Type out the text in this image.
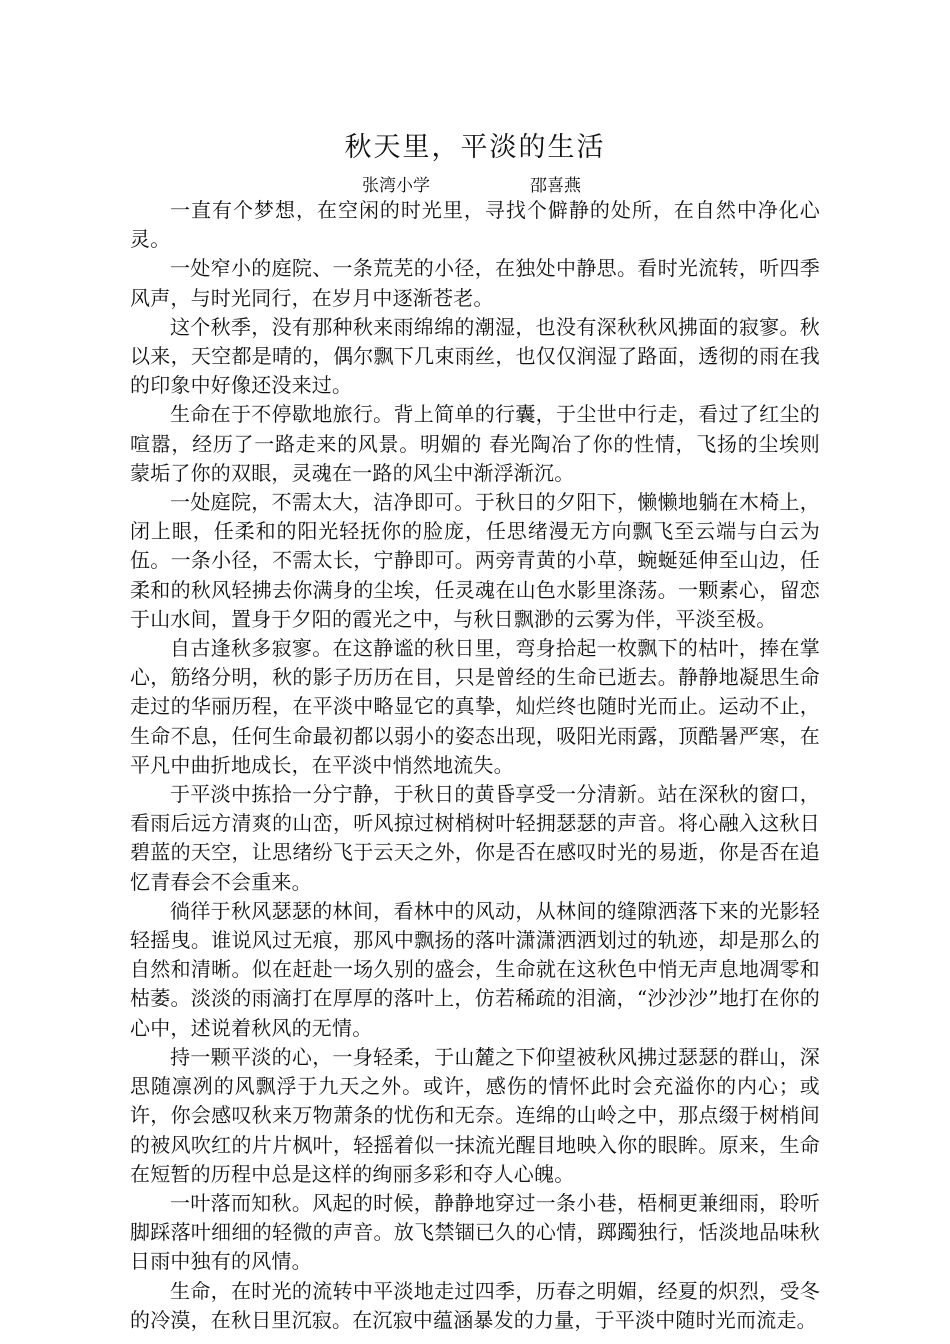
秋天里，平淡的生活
张湾小学	邵喜燕

一直有个梦想，在空闲的时光里，寻找个僻静的处所，在自然中净化心灵。

一处窄小的庭院、一条荒芜的小径，在独处中静思。看时光流转，听四季风声，与时光同行，在岁月中逐渐苍老。

这个秋季，没有那种秋来雨绵绵的潮湿，也没有深秋秋风拂面的寂寥。秋以来，天空都是晴的，偶尔飘下几束雨丝，也仅仅润湿了路面，透彻的雨在我的印象中好像还没来过。

生命在于不停歇地旅行。背上简单的行囊，于尘世中行走，看过了红尘的喧嚣，经历了一路走来的风景。明媚的 春光陶冶了你的性情，飞扬的尘埃则蒙垢了你的双眼，灵魂在一路的风尘中渐浮渐沉。

一处庭院，不需太大，洁净即可。于秋日的夕阳下，懒懒地躺在木椅上，闭上眼，任柔和的阳光轻抚你的脸庞，任思绪漫无方向飘飞至云端与白云为伍。一条小径，不需太长，宁静即可。两旁青黄的小草，蜿蜒延伸至山边，任柔和的秋风轻拂去你满身的尘埃，任灵魂在山色水影里涤荡。一颗素心，留恋于山水间，置身于夕阳的霞光之中，与秋日飘渺的云雾为伴，平淡至极。

自古逢秋多寂寥。在这静谧的秋日里，弯身拾起一枚飘下的枯叶，捧在掌心，筋络分明，秋的影子历历在目，只是曾经的生命已逝去。静静地凝思生命走过的华丽历程，在平淡中略显它的真挚，灿烂终也随时光而止。运动不止，生命不息，任何生命最初都以弱小的姿态出现，吸阳光雨露，顶酷暑严寒，在平凡中曲折地成长，在平淡中悄然地流失。

于平淡中拣拾一分宁静，于秋日的黄昏享受一分清新。站在深秋的窗口，看雨后远方清爽的山峦，听风掠过树梢树叶轻拥瑟瑟的声音。将心融入这秋日碧蓝的天空，让思绪纷飞于云天之外，你是否在感叹时光的易逝，你是否在追忆青春会不会重来。

徜徉于秋风瑟瑟的林间，看林中的风动，从林间的缝隙洒落下来的光影轻轻摇曳。谁说风过无痕，那风中飘扬的落叶潇潇洒洒划过的轨迹，却是那么的自然和清晰。似在赶赴一场久别的盛会，生命就在这秋色中悄无声息地凋零和枯萎。淡淡的雨滴打在厚厚的落叶上，仿若稀疏的泪滴，“沙沙沙”地打在你的心中，述说着秋风的无情。

持一颗平淡的心，一身轻柔，于山麓之下仰望被秋风拂过瑟瑟的群山，深思随凛冽的风飘浮于九天之外。或许，感伤的情怀此时会充溢你的内心；或许，你会感叹秋来万物萧条的忧伤和无奈。连绵的山岭之中，那点缀于树梢间的被风吹红的片片枫叶，轻摇着似一抹流光醒目地映入你的眼眸。原来，生命在短暂的历程中总是这样的绚丽多彩和夺人心魄。

一叶落而知秋。风起的时候，静静地穿过一条小巷，梧桐更兼细雨，聆听脚踩落叶细细的轻微的声音。放飞禁锢已久的心情，踯躅独行，恬淡地品味秋日雨中独有的风情。

生命，在时光的流转中平淡地走过四季，历春之明媚，经夏的炽烈，受冬的冷漠，在秋日里沉寂。在沉寂中蕴涵暴发的力量，于平淡中随时光而流走。
